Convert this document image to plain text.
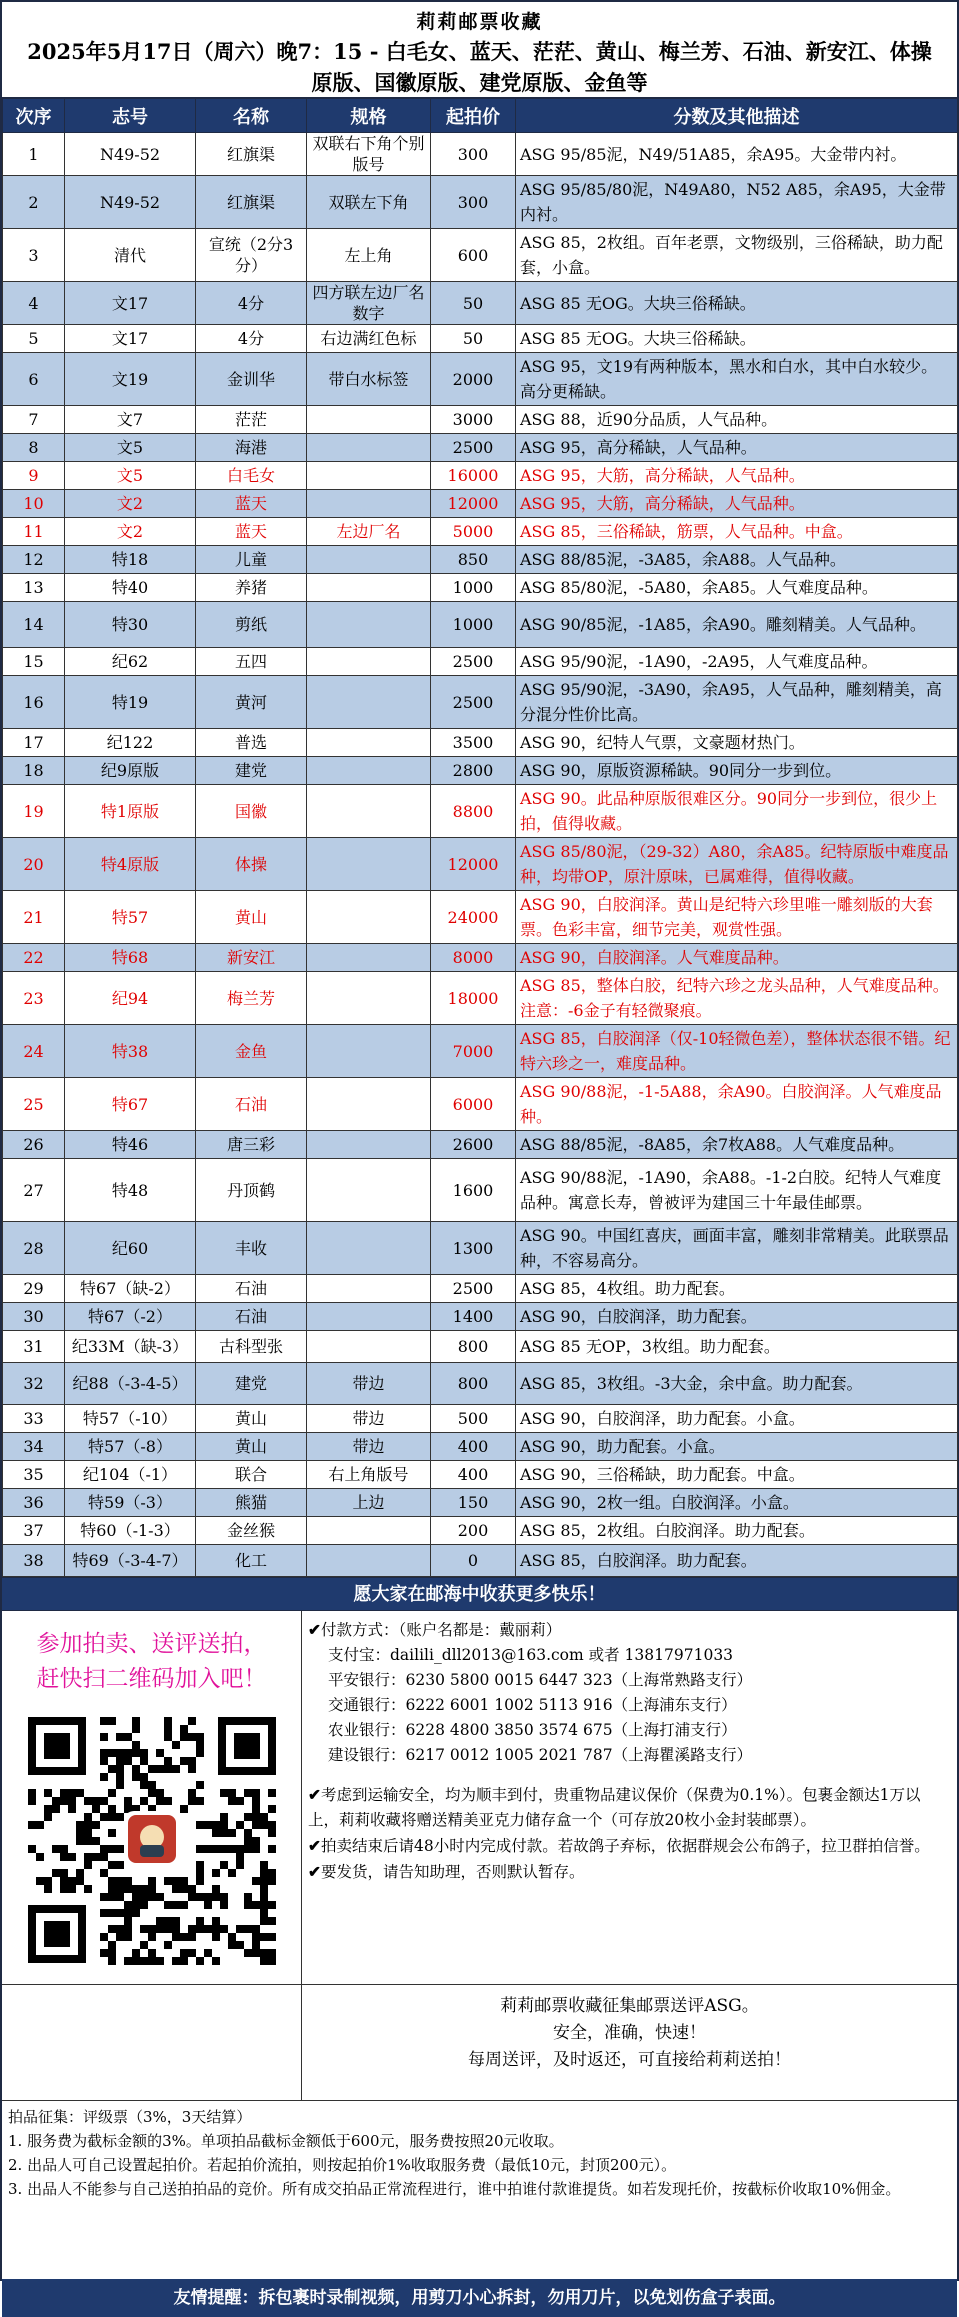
莉莉邮票收藏
2025年5月17日（周六）晚7：15 - 白毛女、蓝天、茫茫、黄山、梅兰芳、石油、新安江、体操
原版、国徽原版、建党原版、金鱼等
次序	志号	名称	规格	起拍价	分数及其他描述
1	N49-52	红旗渠	双联右下角个别版号	300	ASG 95/85泥，N49/51A85，余A95。大金带内衬。
2	N49-52	红旗渠	双联左下角	300	ASG 95/85/80泥，N49A80，N52 A85，余A95，大金带内衬。
3	清代	宣统（2分3分）	左上角	600	ASG 85，2枚组。百年老票，文物级别，三俗稀缺，助力配套，小盒。
4	文17	4分	四方联左边厂名数字	50	ASG 85 无OG。大块三俗稀缺。
5	文17	4分	右边满红色标	50	ASG 85 无OG。大块三俗稀缺。
6	文19	金训华	带白水标签	2000	ASG 95，文19有两种版本，黑水和白水，其中白水较少。高分更稀缺。
7	文7	茫茫		3000	ASG 88，近90分品质，人气品种。
8	文5	海港		2500	ASG 95，高分稀缺，人气品种。
9	文5	白毛女		16000	ASG 95，大筋，高分稀缺，人气品种。
10	文2	蓝天		12000	ASG 95，大筋，高分稀缺，人气品种。
11	文2	蓝天	左边厂名	5000	ASG 85，三俗稀缺，筋票，人气品种。中盒。
12	特18	儿童		850	ASG 88/85泥，-3A85，余A88。人气品种。
13	特40	养猪		1000	ASG 85/80泥，-5A80，余A85。人气难度品种。
14	特30	剪纸		1000	ASG 90/85泥，-1A85，余A90。雕刻精美。人气品种。
15	纪62	五四		2500	ASG 95/90泥，-1A90，-2A95，人气难度品种。
16	特19	黄河		2500	ASG 95/90泥，-3A90，余A95，人气品种，雕刻精美，高分混分性价比高。
17	纪122	普选		3500	ASG 90，纪特人气票，文豪题材热门。
18	纪9原版	建党		2800	ASG 90，原版资源稀缺。90同分一步到位。
19	特1原版	国徽		8800	ASG 90。此品种原版很难区分。90同分一步到位，很少上拍，值得收藏。
20	特4原版	体操		12000	ASG 85/80泥，（29-32）A80，余A85。纪特原版中难度品种，均带OP，原汁原味，已属难得，值得收藏。
21	特57	黄山		24000	ASG 90，白胶润泽。黄山是纪特六珍里唯一雕刻版的大套票。色彩丰富，细节完美，观赏性强。
22	特68	新安江		8000	ASG 90，白胶润泽。人气难度品种。
23	纪94	梅兰芳		18000	ASG 85，整体白胶，纪特六珍之龙头品种，人气难度品种。注意：-6金子有轻微聚痕。
24	特38	金鱼		7000	ASG 85，白胶润泽（仅-10轻微色差），整体状态很不错。纪特六珍之一，难度品种。
25	特67	石油		6000	ASG 90/88泥，-1-5A88，余A90。白胶润泽。人气难度品种。
26	特46	唐三彩		2600	ASG 88/85泥，-8A85，余7枚A88。人气难度品种。
27	特48	丹顶鹤		1600	ASG 90/88泥，-1A90，余A88。-1-2白胶。纪特人气难度品种。寓意长寿，曾被评为建国三十年最佳邮票。
28	纪60	丰收		1300	ASG 90。中国红喜庆，画面丰富，雕刻非常精美。此联票品种，不容易高分。
29	特67（缺-2）	石油		2500	ASG 85，4枚组。助力配套。
30	特67（-2）	石油		1400	ASG 90，白胶润泽，助力配套。
31	纪33M（缺-3）	古科型张		800	ASG 85 无OP，3枚组。助力配套。
32	纪88（-3-4-5）	建党	带边	800	ASG 85，3枚组。-3大金，余中盒。助力配套。
33	特57（-10）	黄山	带边	500	ASG 90，白胶润泽，助力配套。小盒。
34	特57（-8）	黄山	带边	400	ASG 90，助力配套。小盒。
35	纪104（-1）	联合	右上角版号	400	ASG 90，三俗稀缺，助力配套。中盒。
36	特59（-3）	熊猫	上边	150	ASG 90，2枚一组。白胶润泽。小盒。
37	特60（-1-3）	金丝猴		200	ASG 85，2枚组。白胶润泽。助力配套。
38	特69（-3-4-7）	化工		0	ASG 85，白胶润泽。助力配套。
愿大家在邮海中收获更多快乐！
参加拍卖、送评送拍，
赶快扫二维码加入吧！
✔付款方式：（账户名都是：戴丽莉）
支付宝：dailili_dll2013@163.com 或者 13817971033
平安银行：6230 5800 0015 6447 323（上海常熟路支行）
交通银行：6222 6001 1002 5113 916（上海浦东支行）
农业银行：6228 4800 3850 3574 675（上海打浦支行）
建设银行：6217 0012 1005 2021 787（上海瞿溪路支行）
✔考虑到运输安全，均为顺丰到付，贵重物品建议保价（保费为0.1%）。包裹金额达1万以上，莉莉收藏将赠送精美亚克力储存盒一个（可存放20枚小金封装邮票）。
✔拍卖结束后请48小时内完成付款。若故鸽子弃标，依据群规会公布鸽子，拉卫群拍信誉。
✔要发货，请告知助理，否则默认暂存。
莉莉邮票收藏征集邮票送评ASG。
安全，准确，快速！
每周送评，及时返还，可直接给莉莉送拍！
拍品征集：评级票（3%，3天结算）
1. 服务费为截标金额的3%。单项拍品截标金额低于600元，服务费按照20元收取。
2. 出品人可自己设置起拍价。若起拍价流拍，则按起拍价1%收取服务费（最低10元，封顶200元）。
3. 出品人不能参与自己送拍拍品的竞价。所有成交拍品正常流程进行，谁中拍谁付款谁提货。如若发现托价，按截标价收取10%佣金。
友情提醒：拆包裹时录制视频，用剪刀小心拆封，勿用刀片，以免划伤盒子表面。
